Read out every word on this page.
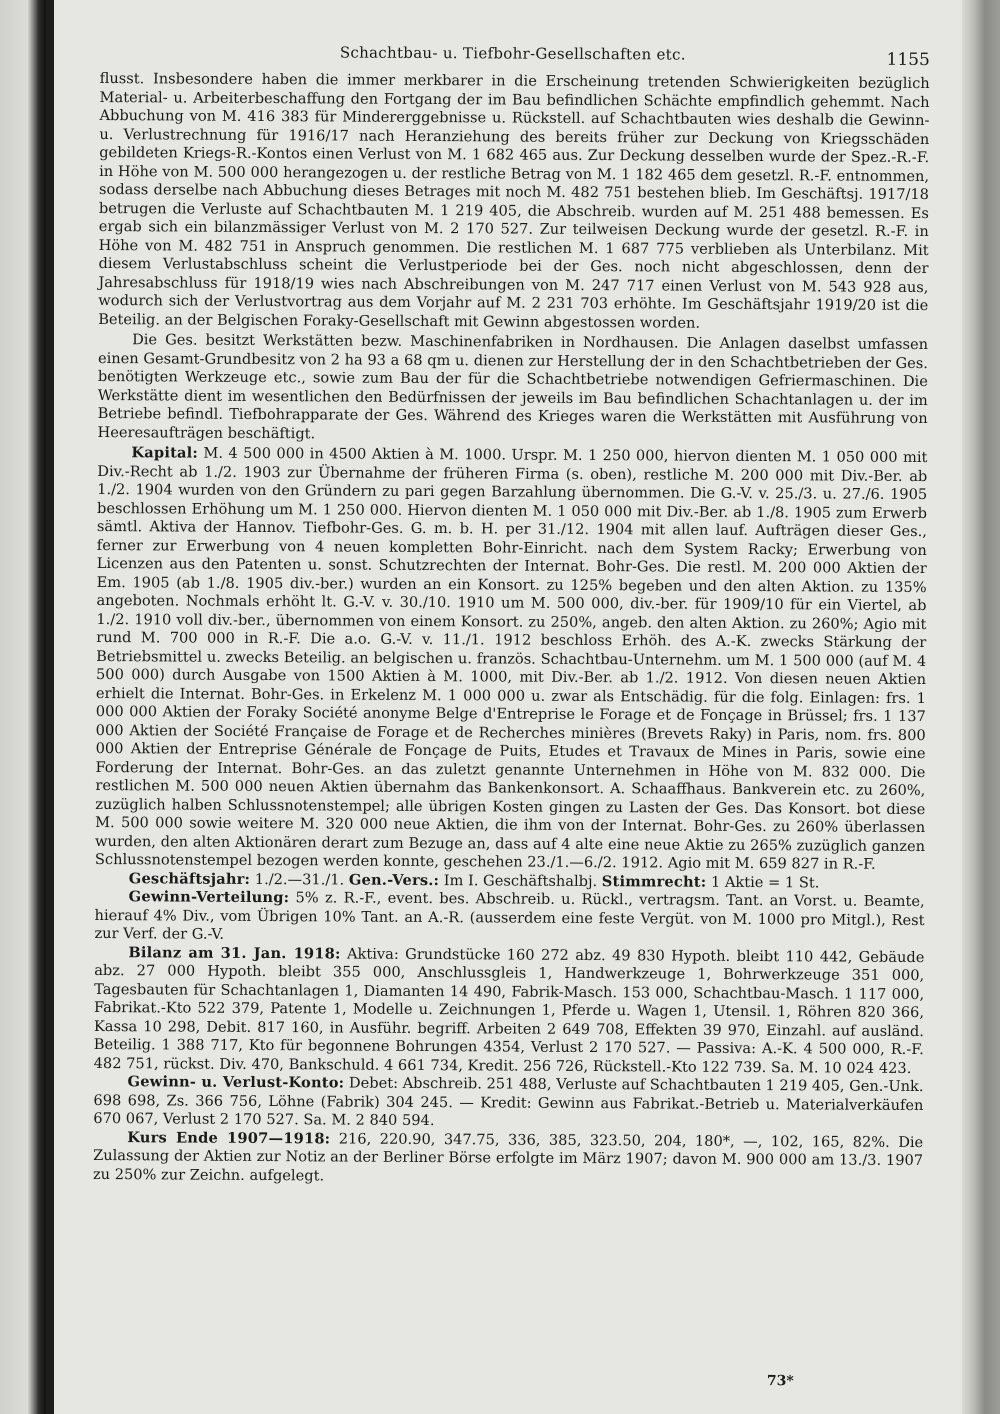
Schachtbau- u. Tiefbohr-Gesellschaften etc.	1155

flusst. Insbesondere haben die immer merkbarer in die Erscheinung tretenden Schwierigkeiten bezüglich Material- u. Arbeiterbeschaffung den Fortgang der im Bau befindlichen Schächte empfindlich gehemmt. Nach Abbuchung von M. 416 383 für Mindererggebnisse u. Rückstell. auf Schachtbauten wies deshalb die Gewinn- u. Verlustrechnung für 1916/17 nach Heranziehung des bereits früher zur Deckung von Kriegsschäden gebildeten Kriegs-R.-Kontos einen Verlust von M. 1 682 465 aus. Zur Deckung desselben wurde der Spez.-R.-F. in Höhe von M. 500 000 herangezogen u. der restliche Betrag von M. 1 182 465 dem gesetzl. R.-F. entnommen, sodass derselbe nach Abbuchung dieses Betrages mit noch M. 482 751 bestehen blieb. Im Geschäftsj. 1917/18 betrugen die Verluste auf Schachtbauten M. 1 219 405, die Abschreib. wurden auf M. 251 488 bemessen. Es ergab sich ein bilanzmässiger Verlust von M. 2 170 527. Zur teilweisen Deckung wurde der gesetzl. R.-F. in Höhe von M. 482 751 in Anspruch genommen. Die restlichen M. 1 687 775 verblieben als Unterbilanz. Mit diesem Verlustabschluss scheint die Verlustperiode bei der Ges. noch nicht abgeschlossen, denn der Jahresabschluss für 1918/19 wies nach Abschreibungen von M. 247 717 einen Verlust von M. 543 928 aus, wodurch sich der Verlustvortrag aus dem Vorjahr auf M. 2 231 703 erhöhte. Im Geschäftsjahr 1919/20 ist die Beteilig. an der Belgischen Foraky-Gesellschaft mit Gewinn abgestossen worden.

Die Ges. besitzt Werkstätten bezw. Maschinenfabriken in Nordhausen. Die Anlagen daselbst umfassen einen Gesamt-Grundbesitz von 2 ha 93 a 68 qm u. dienen zur Herstellung der in den Schachtbetrieben der Ges. benötigten Werkzeuge etc., sowie zum Bau der für die Schachtbetriebe notwendigen Gefriermaschinen. Die Werkstätte dient im wesentlichen den Bedürfnissen der jeweils im Bau befindlichen Schachtanlagen u. der im Betriebe befindl. Tiefbohrapparate der Ges. Während des Krieges waren die Werkstätten mit Ausführung von Heeresaufträgen beschäftigt.

Kapital: M. 4 500 000 in 4500 Aktien à M. 1000. Urspr. M. 1 250 000, hiervon dienten M. 1 050 000 mit Div.-Recht ab 1./2. 1903 zur Übernahme der früheren Firma (s. oben), restliche M. 200 000 mit Div.-Ber. ab 1./2. 1904 wurden von den Gründern zu pari gegen Barzahlung übernommen. Die G.-V. v. 25./3. u. 27./6. 1905 beschlossen Erhöhung um M. 1 250 000. Hiervon dienten M. 1 050 000 mit Div.-Ber. ab 1./8. 1905 zum Erwerb sämtl. Aktiva der Hannov. Tiefbohr-Ges. G. m. b. H. per 31./12. 1904 mit allen lauf. Aufträgen dieser Ges., ferner zur Erwerbung von 4 neuen kompletten Bohr-Einricht. nach dem System Racky; Erwerbung von Licenzen aus den Patenten u. sonst. Schutzrechten der Internat. Bohr-Ges. Die restl. M. 200 000 Aktien der Em. 1905 (ab 1./8. 1905 div.-ber.) wurden an ein Konsort. zu 125% begeben und den alten Aktion. zu 135% angeboten. Nochmals erhöht lt. G.-V. v. 30./10. 1910 um M. 500 000, div.-ber. für 1909/10 für ein Viertel, ab 1./2. 1910 voll div.-ber., übernommen von einem Konsort. zu 250%, angeb. den alten Aktion. zu 260%; Agio mit rund M. 700 000 in R.-F. Die a.o. G.-V. v. 11./1. 1912 beschloss Erhöh. des A.-K. zwecks Stärkung der Betriebsmittel u. zwecks Beteilig. an belgischen u. französ. Schachtbau-Unternehm. um M. 1 500 000 (auf M. 4 500 000) durch Ausgabe von 1500 Aktien à M. 1000, mit Div.-Ber. ab 1./2. 1912. Von diesen neuen Aktien erhielt die Internat. Bohr-Ges. in Erkelenz M. 1 000 000 u. zwar als Entschädig. für die folg. Einlagen: frs. 1 000 000 Aktien der Foraky Société anonyme Belge d'Entreprise le Forage et de Fonçage in Brüssel; frs. 1 137 000 Aktien der Société Française de Forage et de Recherches minières (Brevets Raky) in Paris, nom. frs. 800 000 Aktien der Entreprise Générale de Fonçage de Puits, Etudes et Travaux de Mines in Paris, sowie eine Forderung der Internat. Bohr-Ges. an das zuletzt genannte Unternehmen in Höhe von M. 832 000. Die restlichen M. 500 000 neuen Aktien übernahm das Bankenkonsort. A. Schaaffhaus. Bankverein etc. zu 260%, zuzüglich halben Schlussnotenstempel; alle übrigen Kosten gingen zu Lasten der Ges. Das Konsort. bot diese M. 500 000 sowie weitere M. 320 000 neue Aktien, die ihm von der Internat. Bohr-Ges. zu 260% überlassen wurden, den alten Aktionären derart zum Bezuge an, dass auf 4 alte eine neue Aktie zu 265% zuzüglich ganzen Schlussnotenstempel bezogen werden konnte, geschehen 23./1.—6./2. 1912. Agio mit M. 659 827 in R.-F.

Geschäftsjahr: 1./2.—31./1. Gen.-Vers.: Im I. Geschäftshalbj. Stimmrecht: 1 Aktie = 1 St.

Gewinn-Verteilung: 5% z. R.-F., event. bes. Abschreib. u. Rückl., vertragsm. Tant. an Vorst. u. Beamte, hierauf 4% Div., vom Übrigen 10% Tant. an A.-R. (ausserdem eine feste Vergüt. von M. 1000 pro Mitgl.), Rest zur Verf. der G.-V.

Bilanz am 31. Jan. 1918: Aktiva: Grundstücke 160 272 abz. 49 830 Hypoth. bleibt 110 442, Gebäude abz. 27 000 Hypoth. bleibt 355 000, Anschlussgleis 1, Handwerkzeuge 1, Bohrwerkzeuge 351 000, Tagesbauten für Schachtanlagen 1, Diamanten 14 490, Fabrik-Masch. 153 000, Schachtbau-Masch. 1 117 000, Fabrikat.-Kto 522 379, Patente 1, Modelle u. Zeichnungen 1, Pferde u. Wagen 1, Utensil. 1, Röhren 820 366, Kassa 10 298, Debit. 817 160, in Ausführ. begriff. Arbeiten 2 649 708, Effekten 39 970, Einzahl. auf ausländ. Beteilig. 1 388 717, Kto für begonnene Bohrungen 4354, Verlust 2 170 527. — Passiva: A.-K. 4 500 000, R.-F. 482 751, rückst. Div. 470, Bankschuld. 4 661 734, Kredit. 256 726, Rückstell.-Kto 122 739. Sa. M. 10 024 423.

Gewinn- u. Verlust-Konto: Debet: Abschreib. 251 488, Verluste auf Schachtbauten 1 219 405, Gen.-Unk. 698 698, Zs. 366 756, Löhne (Fabrik) 304 245. — Kredit: Gewinn aus Fabrikat.-Betrieb u. Materialverkäufen 670 067, Verlust 2 170 527. Sa. M. 2 840 594.

Kurs Ende 1907—1918: 216, 220.90, 347.75, 336, 385, 323.50, 204, 180*, —, 102, 165, 82%. Die Zulassung der Aktien zur Notiz an der Berliner Börse erfolgte im März 1907; davon M. 900 000 am 13./3. 1907 zu 250% zur Zeichn. aufgelegt.

73*
